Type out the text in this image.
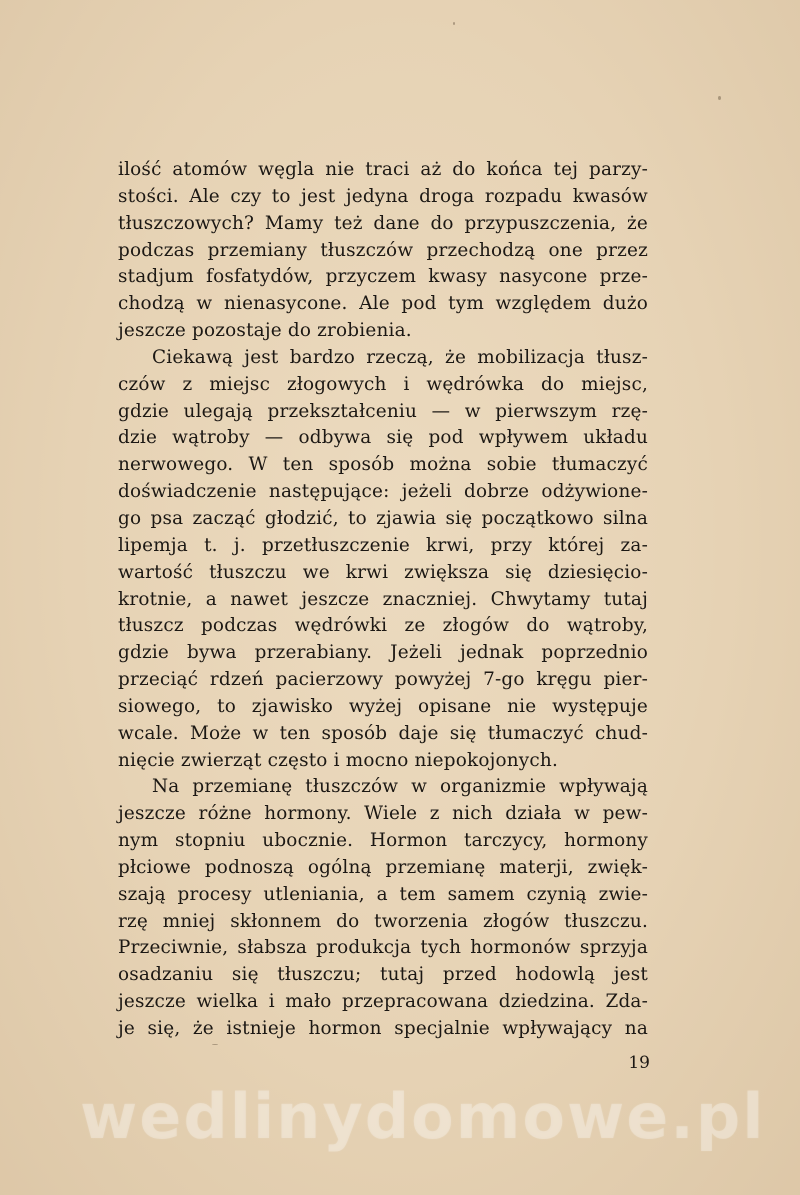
ilość atomów węgla nie traci aż do końca tej parzy-
stości. Ale czy to jest jedyna droga rozpadu kwasów
tłuszczowych? Mamy też dane do przypuszczenia, że
podczas przemiany tłuszczów przechodzą one przez
stadjum fosfatydów, przyczem kwasy nasycone prze-
chodzą w nienasycone. Ale pod tym względem dużo
jeszcze pozostaje do zrobienia.
Ciekawą jest bardzo rzeczą, że mobilizacja tłusz-
czów z miejsc złogowych i wędrówka do miejsc,
gdzie ulegają przekształceniu — w pierwszym rzę-
dzie wątroby — odbywa się pod wpływem układu
nerwowego. W ten sposób można sobie tłumaczyć
doświadczenie następujące: jeżeli dobrze odżywione-
go psa zacząć głodzić, to zjawia się początkowo silna
lipemja t. j. przetłuszczenie krwi, przy której za-
wartość tłuszczu we krwi zwiększa się dziesięcio-
krotnie, a nawet jeszcze znaczniej. Chwytamy tutaj
tłuszcz podczas wędrówki ze złogów do wątroby,
gdzie bywa przerabiany. Jeżeli jednak poprzednio
przeciąć rdzeń pacierzowy powyżej 7-go kręgu pier-
siowego, to zjawisko wyżej opisane nie występuje
wcale. Może w ten sposób daje się tłumaczyć chud-
nięcie zwierząt często i mocno niepokojonych.
Na przemianę tłuszczów w organizmie wpływają
jeszcze różne hormony. Wiele z nich działa w pew-
nym stopniu ubocznie. Hormon tarczycy, hormony
płciowe podnoszą ogólną przemianę materji, zwięk-
szają procesy utleniania, a tem samem czynią zwie-
rzę mniej skłonnem do tworzenia złogów tłuszczu.
Przeciwnie, słabsza produkcja tych hormonów sprzyja
osadzaniu się tłuszczu; tutaj przed hodowlą jest
jeszcze wielka i mało przepracowana dziedzina. Zda-
je się, że istnieje hormon specjalnie wpływający na
19
wedlinydomowe.pl
